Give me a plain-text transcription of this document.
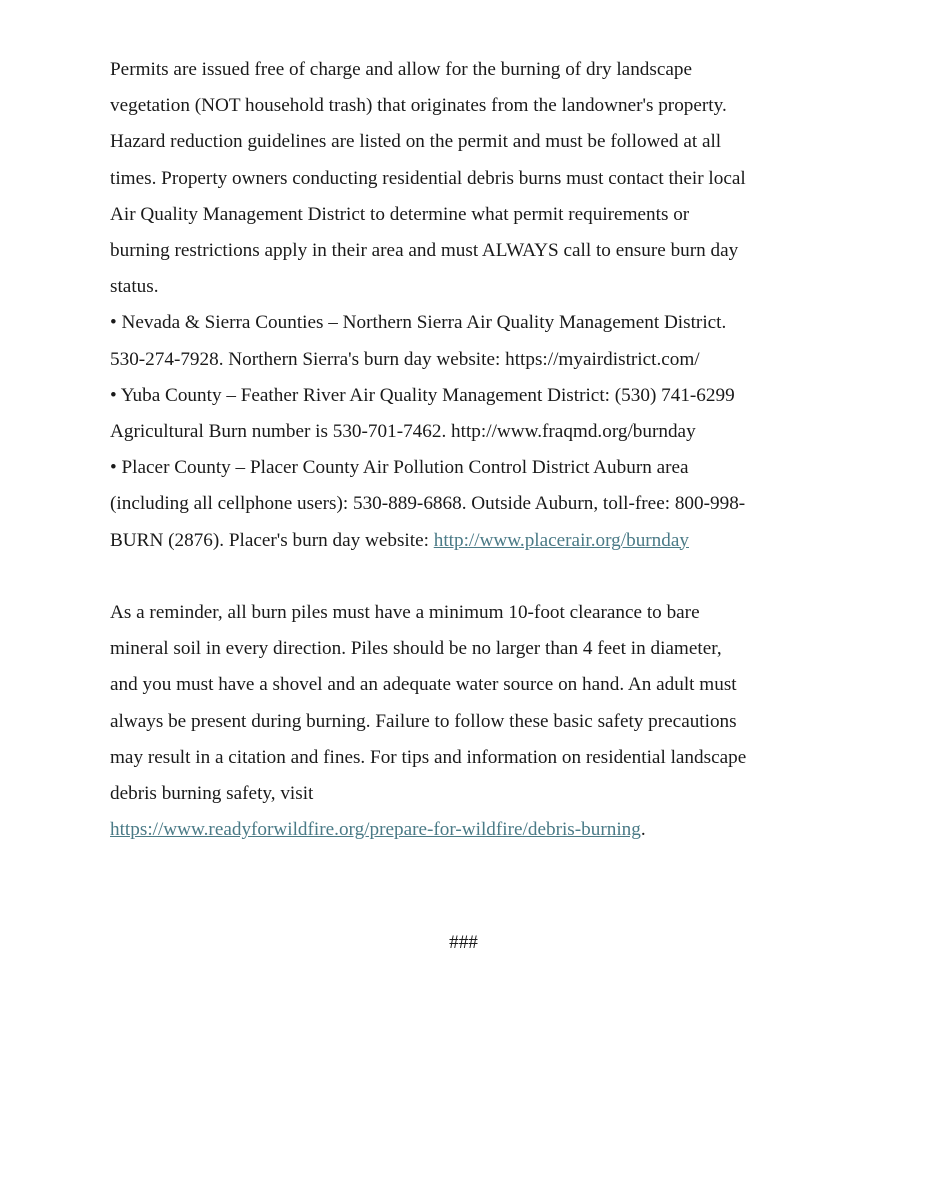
Permits are issued free of charge and allow for the burning of dry landscape
vegetation (NOT household trash) that originates from the landowner's property.
Hazard reduction guidelines are listed on the permit and must be followed at all
times. Property owners conducting residential debris burns must contact their local
Air Quality Management District to determine what permit requirements or
burning restrictions apply in their area and must ALWAYS call to ensure burn day
status.
• Nevada & Sierra Counties – Northern Sierra Air Quality Management District.
530-274-7928. Northern Sierra's burn day website: https://myairdistrict.com/
• Yuba County – Feather River Air Quality Management District: (530) 741-6299
Agricultural Burn number is 530-701-7462. http://www.fraqmd.org/burnday
• Placer County – Placer County Air Pollution Control District Auburn area
(including all cellphone users): 530-889-6868. Outside Auburn, toll-free: 800-998-
BURN (2876). Placer's burn day website: http://www.placerair.org/burnday
As a reminder, all burn piles must have a minimum 10-foot clearance to bare
mineral soil in every direction. Piles should be no larger than 4 feet in diameter,
and you must have a shovel and an adequate water source on hand. An adult must
always be present during burning. Failure to follow these basic safety precautions
may result in a citation and fines. For tips and information on residential landscape
debris burning safety, visit
https://www.readyforwildfire.org/prepare-for-wildfire/debris-burning.
###
